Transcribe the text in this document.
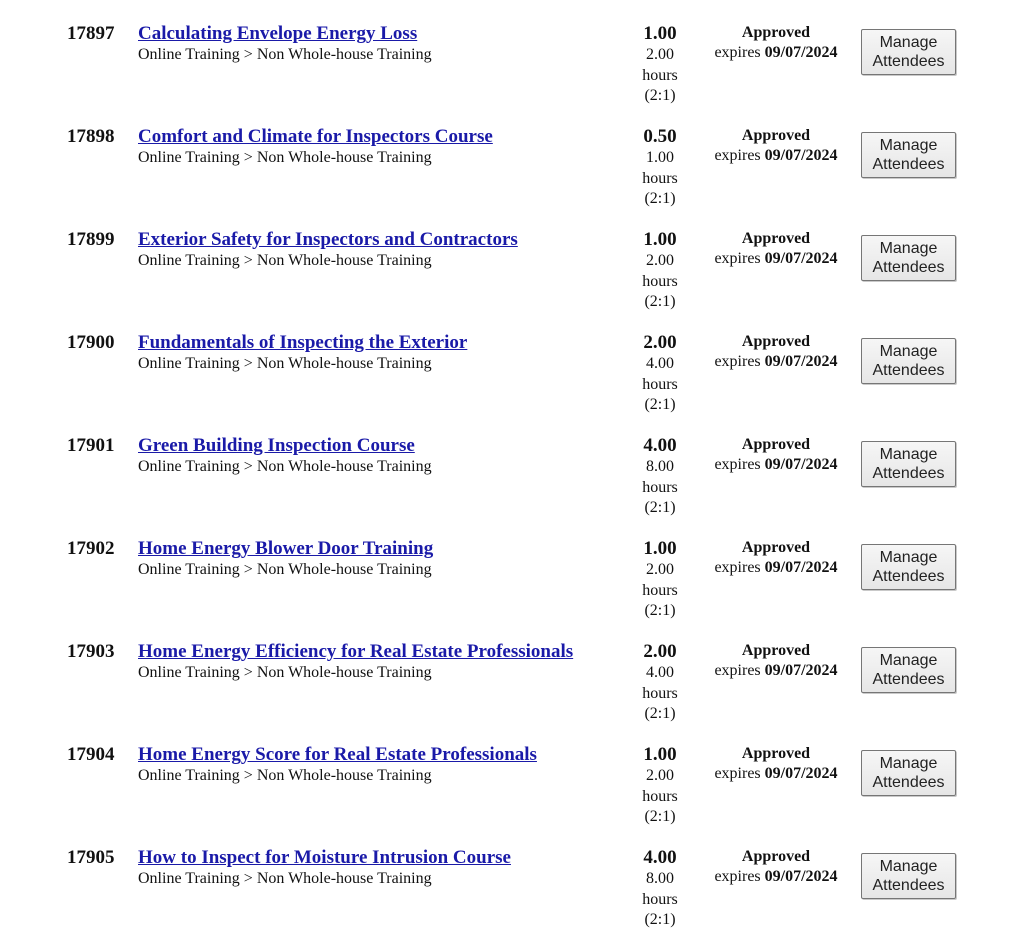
17897 Calculating Envelope Energy Loss
Online Training > Non Whole-house Training
1.00
2.00
hours
(2:1)
Approved
expires 09/07/2024
Manage
Attendees
17898 Comfort and Climate for Inspectors Course
Online Training > Non Whole-house Training
0.50
1.00
hours
(2:1)
Approved
expires 09/07/2024
Manage
Attendees
17899 Exterior Safety for Inspectors and Contractors
Online Training > Non Whole-house Training
1.00
2.00
hours
(2:1)
Approved
expires 09/07/2024
Manage
Attendees
17900 Fundamentals of Inspecting the Exterior
Online Training > Non Whole-house Training
2.00
4.00
hours
(2:1)
Approved
expires 09/07/2024
Manage
Attendees
17901 Green Building Inspection Course
Online Training > Non Whole-house Training
4.00
8.00
hours
(2:1)
Approved
expires 09/07/2024
Manage
Attendees
17902 Home Energy Blower Door Training
Online Training > Non Whole-house Training
1.00
2.00
hours
(2:1)
Approved
expires 09/07/2024
Manage
Attendees
17903 Home Energy Efficiency for Real Estate Professionals
Online Training > Non Whole-house Training
2.00
4.00
hours
(2:1)
Approved
expires 09/07/2024
Manage
Attendees
17904 Home Energy Score for Real Estate Professionals
Online Training > Non Whole-house Training
1.00
2.00
hours
(2:1)
Approved
expires 09/07/2024
Manage
Attendees
17905 How to Inspect for Moisture Intrusion Course
Online Training > Non Whole-house Training
4.00
8.00
hours
(2:1)
Approved
expires 09/07/2024
Manage
Attendees
